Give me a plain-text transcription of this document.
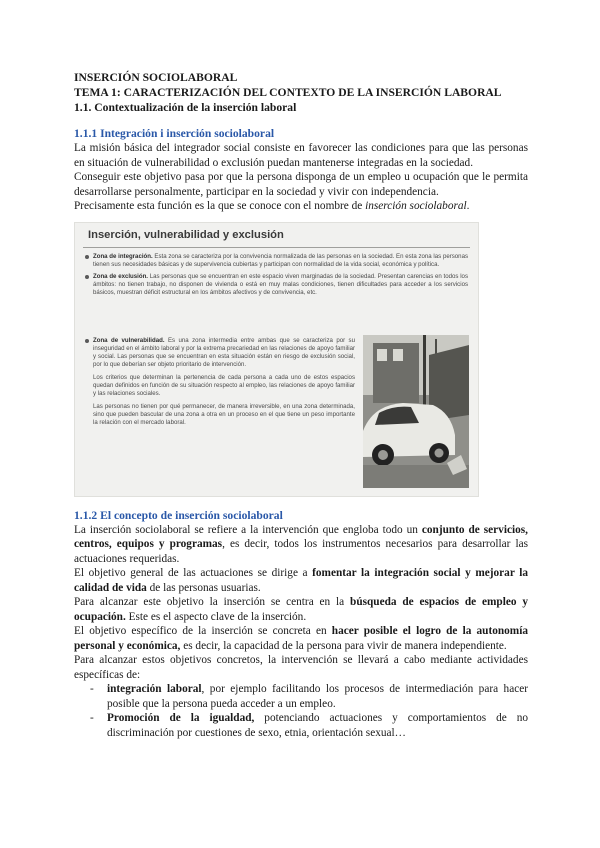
INSERCIÓN SOCIOLABORAL

TEMA 1: CARACTERIZACIÓN DEL CONTEXTO DE LA INSERCIÓN LABORAL

1.1. Contextualización de la inserción laboral

1.1.1 Integración i inserción sociolaboral

La misión básica del integrador social consiste en favorecer las condiciones para que las personas en situación de vulnerabilidad o exclusión puedan mantenerse integradas en la sociedad.

Conseguir este objetivo pasa por que la persona disponga de un empleo u ocupación que le permita desarrollarse personalmente, participar en la sociedad y vivir con independencia.

Precisamente esta función es la que se conoce con el nombre de inserción sociolaboral.

Inserción, vulnerabilidad y exclusión
Zona de integración. Esta zona se caracteriza por la convivencia normalizada de las personas en la sociedad. En esta zona las personas tienen sus necesidades básicas y de supervivencia cubiertas y participan con normalidad de la vida social, económica y política.
Zona de exclusión. Las personas que se encuentran en este espacio viven marginadas de la sociedad. Presentan carencias en todos los ámbitos: no tienen trabajo, no disponen de vivienda o está en muy malas condiciones, tienen dificultades para acceder a los servicios básicos, muestran déficit estructural en los ámbitos afectivos y de convivencia, etc.
Zona de vulnerabilidad. Es una zona intermedia entre ambas que se caracteriza por su inseguridad en el ámbito laboral y por la extrema precariedad en las relaciones de apoyo familiar y social. Las personas que se encuentran en esta situación están en riesgo de exclusión social, por lo que deberían ser objeto prioritario de intervención.
Los criterios que determinan la pertenencia de cada persona a cada uno de estos espacios quedan definidos en función de su situación respecto al empleo, las relaciones de apoyo familiar y las relaciones sociales.
Las personas no tienen por qué permanecer, de manera irreversible, en una zona determinada, sino que pueden bascular de una zona a otra en un proceso en el que tiene un peso importante la relación con el mercado laboral.

1.1.2 El concepto de inserción sociolaboral

La inserción sociolaboral se refiere a la intervención que engloba todo un conjunto de servicios, centros, equipos y programas, es decir, todos los instrumentos necesarios para desarrollar las actuaciones requeridas.

El objetivo general de las actuaciones se dirige a fomentar la integración social y mejorar la calidad de vida de las personas usuarias.

Para alcanzar este objetivo la inserción se centra en la búsqueda de espacios de empleo y ocupación. Este es el aspecto clave de la inserción.

El objetivo específico de la inserción se concreta en hacer posible el logro de la autonomía personal y económica, es decir, la capacidad de la persona para vivir de manera independiente.

Para alcanzar estos objetivos concretos, la intervención se llevará a cabo mediante actividades específicas de:

- integración laboral, por ejemplo facilitando los procesos de intermediación para hacer posible que la persona pueda acceder a un empleo.

- Promoción de la igualdad, potenciando actuaciones y comportamientos de no discriminación por cuestiones de sexo, etnia, orientación sexual…
